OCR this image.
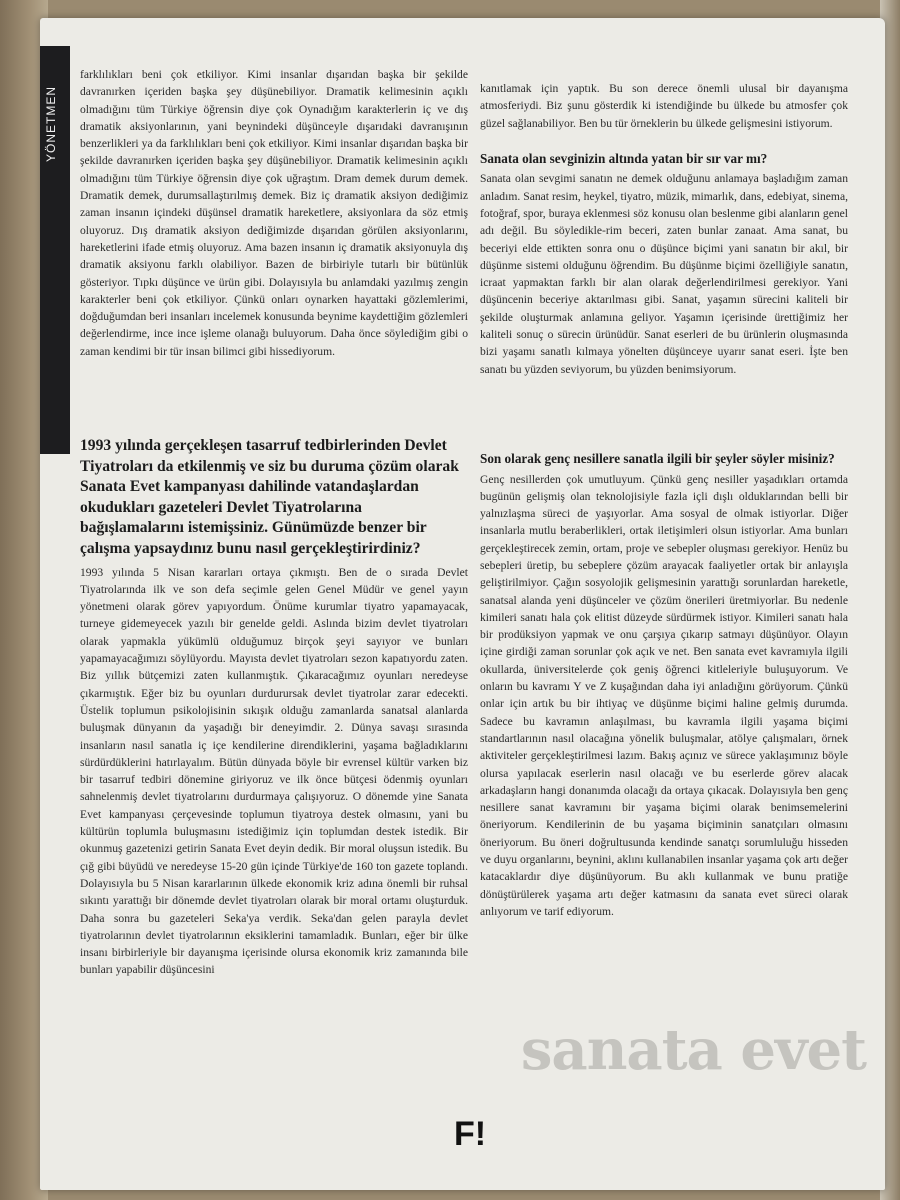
YÖNETMEN

farklılıkları beni çok etkiliyor. Kimi insanlar dışarıdan başka bir şekilde davranırken içeriden başka şey düşünebiliyor. Dramatik kelimesinin açıklı olmadığını tüm Türkiye öğrensin diye çok Oynadığım karakterlerin iç ve dış dramatik aksiyonlarının, yani beynindeki düşünceyle dışarıdaki davranışının benzerlikleri ya da farklılıkları beni çok etkiliyor. Kimi insanlar dışarıdan başka bir şekilde davranırken içeriden başka şey düşünebiliyor. Dramatik kelimesinin açıklı olmadığını tüm Türkiye öğrensin diye çok uğraştım. Dram demek durum demek. Dramatik demek, durumsallaştırılmış demek. Biz iç dramatik aksiyon dediğimiz zaman insanın içindeki düşünsel dramatik hareketlere, aksiyonlara da söz etmiş oluyoruz. Dış dramatik aksiyon dediğimizde dışarıdan görülen aksiyonlarını, hareketlerini ifade etmiş oluyoruz. Ama bazen insanın iç dramatik aksiyonuyla dış dramatik aksiyonu farklı olabiliyor. Bazen de birbiriyle tutarlı bir bütünlük gösteriyor. Tıpkı düşünce ve ürün gibi. Dolayısıyla bu anlamdaki yazılmış zengin karakterler beni çok etkiliyor. Çünkü onları oynarken hayattaki gözlemlerimi, doğduğumdan beri insanları incelemek konusunda beynime kaydettiğim gözlemleri değerlendirme, ince ince işleme olanağı buluyorum. Daha önce söylediğim gibi o zaman kendimi bir tür insan bilimci gibi hissediyorum.

1993 yılında gerçekleşen tasarruf tedbirlerinden Devlet Tiyatroları da etkilenmiş ve siz bu duruma çözüm olarak Sanata Evet kampanyası dahilinde vatandaşlardan okudukları gazeteleri Devlet Tiyatrolarına bağışlamalarını istemişsiniz. Günümüzde benzer bir çalışma yapsaydınız bunu nasıl gerçekleştirirdiniz?

1993 yılında 5 Nisan kararları ortaya çıkmıştı. Ben de o sırada Devlet Tiyatrolarında ilk ve son defa seçimle gelen Genel Müdür ve genel yayın yönetmeni olarak görev yapıyordum. Önüme kurumlar tiyatro yapamayacak, turneye gidemeyecek yazılı bir genelde geldi. Aslında bizim devlet tiyatroları olarak yapmakla yükümlü olduğumuz birçok şeyi sayıyor ve bunları yapamayacağımızı söylüyordu. Mayısta devlet tiyatroları sezon kapatıyordu zaten. Biz yıllık bütçemizi zaten kullanmıştık. Çıkaracağımız oyunları neredeyse çıkarmıştık. Eğer biz bu oyunları durdurursak devlet tiyatrolar zarar edecekti. Üstelik toplumun psikolojisinin sıkışık olduğu zamanlarda sanatsal alanlarda buluşmak dünyanın da yaşadığı bir deneyimdir. 2. Dünya savaşı sırasında insanların nasıl sanatla iç içe kendilerine direndiklerini, yaşama bağladıklarını sürdürdüklerini hatırlayalım. Bütün dünyada böyle bir evrensel kültür varken biz bir tasarruf tedbiri dönemine giriyoruz ve ilk önce bütçesi ödenmiş oyunları sahnelenmiş devlet tiyatrolarını durdurmaya çalışıyoruz. O dönemde yine Sanata Evet kampanyası çerçevesinde toplumun tiyatroya destek olmasını, yani bu kültürün toplumla buluşmasını istediğimiz için toplumdan destek istedik. Bir okunmuş gazetenizi getirin Sanata Evet deyin dedik. Bir moral oluşsun istedik. Bu çığ gibi büyüdü ve neredeyse 15-20 gün içinde Türkiye'de 160 ton gazete toplandı. Dolayısıyla bu 5 Nisan kararlarının ülkede ekonomik kriz adına önemli bir ruhsal sıkıntı yarattığı bir dönemde devlet tiyatroları olarak bir moral ortamı oluşturduk. Daha sonra bu gazeteleri Seka'ya verdik. Seka'dan gelen parayla devlet tiyatrolarının devlet tiyatrolarının eksiklerini tamamladık. Bunları, eğer bir ülke insanı birbirleriyle bir dayanışma içerisinde olursa ekonomik kriz zamanında bile bunları yapabilir düşüncesini

kanıtlamak için yaptık. Bu son derece önemli ulusal bir dayanışma atmosferiydi. Biz şunu gösterdik ki istendiğinde bu ülkede bu atmosfer çok güzel sağlanabiliyor. Ben bu tür örneklerin bu ülkede gelişmesini istiyorum.

Sanata olan sevginizin altında yatan bir sır var mı?

Sanata olan sevgimi sanatın ne demek olduğunu anlamaya başladığım zaman anladım. Sanat resim, heykel, tiyatro, müzik, mimarlık, dans, edebiyat, sinema, fotoğraf, spor, buraya eklenmesi söz konusu olan beslenme gibi alanların genel adı değil. Bu söyledikle-rim beceri, zaten bunlar zanaat. Ama sanat, bu beceriyi elde ettikten sonra onu o düşünce biçimi yani sanatın bir akıl, bir düşünme sistemi olduğunu öğrendim. Bu düşünme biçimi özelliğiyle sanatın, icraat yapmaktan farklı bir alan olarak değerlendirilmesi gerekiyor. Yani düşüncenin beceriye aktarılması gibi. Sanat, yaşamın sürecini kaliteli bir şekilde oluşturmak anlamına geliyor. Yaşamın içerisinde ürettiğimiz her kaliteli sonuç o sürecin ürünüdür. Sanat eserleri de bu ürünlerin oluşmasında bizi yaşamı sanatlı kılmaya yönelten düşünceye uyarır sanat eseri. İşte ben sanatı bu yüzden seviyorum, bu yüzden benimsiyorum.

Son olarak genç nesillere sanatla ilgili bir şeyler söyler misiniz?

Genç nesillerden çok umutluyum. Çünkü genç nesiller yaşadıkları ortamda bugünün gelişmiş olan teknolojisiyle fazla içli dışlı olduklarından belli bir yalnızlaşma süreci de yaşıyorlar. Ama sosyal de olmak istiyorlar. Diğer insanlarla mutlu beraberlikleri, ortak iletişimleri olsun istiyorlar. Ama bunları gerçekleştirecek zemin, ortam, proje ve sebepler oluşması gerekiyor. Henüz bu sebepleri üretip, bu sebeplere çözüm arayacak faaliyetler ortak bir anlayışla geliştirilmiyor. Çağın sosyolojik gelişmesinin yarattığı sorunlardan hareketle, sanatsal alanda yeni düşünceler ve çözüm önerileri üretmiyorlar. Bu nedenle kimileri sanatı hala çok elitist düzeyde sürdürmek istiyor. Kimileri sanatı hala bir prodüksiyon yapmak ve onu çarşıya çıkarıp satmayı düşünüyor. Olayın içine girdiği zaman sorunlar çok açık ve net. Ben sanata evet kavramıyla ilgili okullarda, üniversitelerde çok geniş öğrenci kitleleriyle buluşuyorum. Ve onların bu kavramı Y ve Z kuşağından daha iyi anladığını görüyorum. Çünkü onlar için artık bu bir ihtiyaç ve düşünme biçimi haline gelmiş durumda. Sadece bu kavramın anlaşılması, bu kavramla ilgili yaşama biçimi standartlarının nasıl olacağına yönelik buluşmalar, atölye çalışmaları, örnek aktiviteler gerçekleştirilmesi lazım. Bakış açınız ve sürece yaklaşımınız böyle olursa yapılacak eserlerin nasıl olacağı ve bu eserlerde görev alacak arkadaşların hangi donanımda olacağı da ortaya çıkacak. Dolayısıyla ben genç nesillere sanat kavramını bir yaşama biçimi olarak benimsemelerini öneriyorum. Kendilerinin de bu yaşama biçiminin sanatçıları olmasını öneriyorum. Bu öneri doğrultusunda kendinde sanatçı sorumluluğu hisseden ve duyu organlarını, beynini, aklını kullanabilen insanlar yaşama çok artı değer katacaklardır diye düşünüyorum. Bu aklı kullanmak ve bunu pratiğe dönüştürülerek yaşama artı değer katmasını da sanata evet süreci olarak anlıyorum ve tarif ediyorum.

sanata evet
F!
